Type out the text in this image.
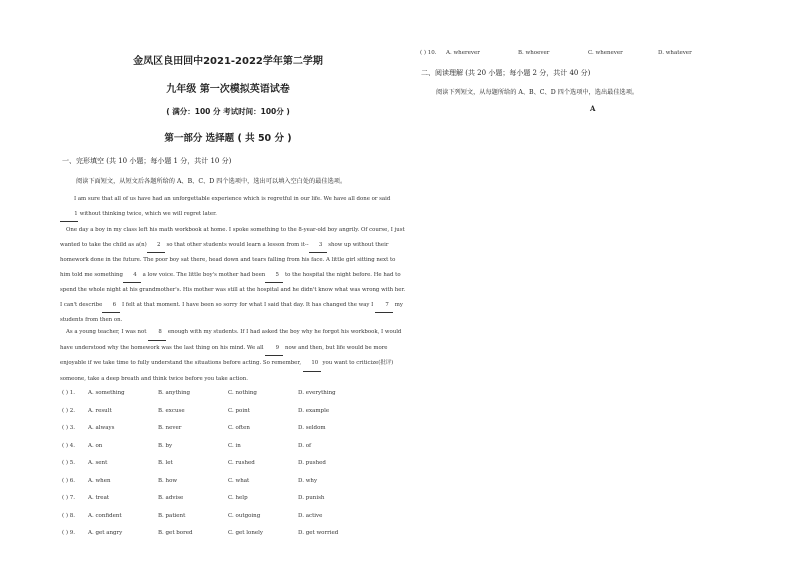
金凤区良田回中2021-2022学年第二学期
九年级 第一次模拟英语试卷
( 满分：100 分 考试时间：100分 )
第一部分 选择题 ( 共 50 分 )
一、完形填空 (共 10 小题；每小题 1 分，共计 10 分)
阅读下面短文，从短文后各题所给的 A、B、C、D 四个选项中，选出可以填入空白处的最佳选项。
I am sure that all of us have had an unforgettable experience which is regretful in our life. We have all done or said 1 without thinking twice, which we will regret later.
One day a boy in my class left his math workbook at home. I spoke something to the 8-year-old boy angrily. Of course, I just wanted to take the child as a(n) 2 so that other students would learn a lesson from it-- 3 show up without their homework done in the future. The poor boy sat there, head down and tears falling from his face. A little girl sitting next to him told me something 4 a low voice. The little boy's mother had been 5 to the hospital the night before. He had to spend the whole night at his grandmother's. His mother was still at the hospital and he didn't know what was wrong with her. I can't describe 6 I felt at that moment. I have been so sorry for what I said that day. It has changed the way I 7 my students from then on.
As a young teacher, I was not 8 enough with my students. If I had asked the boy why he forgot his workbook, I would have understood why the homework was the last thing on his mind. We all 9 now and then, but life would be more enjoyable if we take time to fully understand the situations before acting. So remember, 10 you want to criticize(批评) someone, take a deep breath and think twice before you take action.
( ) 1. A. something	B. anything	C. nothing	D. everything
( ) 2. A. result	B. excuse	C. point	D. example
( ) 3. A. always	B. never	C. often	D. seldom
( ) 4. A. on	B. by	C. in	D. of
( ) 5. A. sent	B. let	C. rushed	D. pushed
( ) 6. A. when	B. how	C. what	D. why
( ) 7. A. treat	B. advise	C. help	D. punish
( ) 8. A. confident	B. patient	C. outgoing	D. active
( ) 9. A. get angry	B. get bored	C. get lonely	D. get worried
( ) 10. A. wherever	B. whoever	C. whenever	D. whatever
二、阅读理解 (共 20 小题；每小题 2 分，共计 40 分)
阅读下列短文，从每题所给的 A、B、C、D 四个选项中，选出最佳选项。
A
